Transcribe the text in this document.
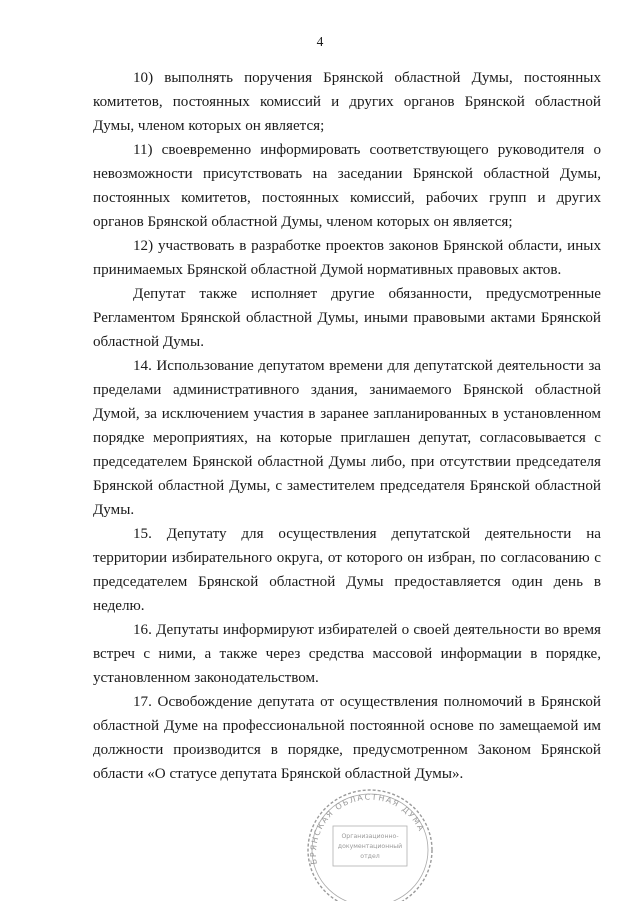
4

10) выполнять поручения Брянской областной Думы, постоянных комитетов, постоянных комиссий и других органов Брянской областной Думы, членом которых он является;

11) своевременно информировать соответствующего руководителя о невозможности присутствовать на заседании Брянской областной Думы, постоянных комитетов, постоянных комиссий, рабочих групп и других органов Брянской областной Думы, членом которых он является;

12) участвовать в разработке проектов законов Брянской области, иных принимаемых Брянской областной Думой нормативных правовых актов.

Депутат также исполняет другие обязанности, предусмотренные Регламентом Брянской областной Думы, иными правовыми актами Брянской областной Думы.

14. Использование депутатом времени для депутатской деятельности за пределами административного здания, занимаемого Брянской областной Думой, за исключением участия в заранее запланированных в установленном порядке мероприятиях, на которые приглашен депутат, согласовывается с председателем Брянской областной Думы либо, при отсутствии председателя Брянской областной Думы, с заместителем председателя Брянской областной Думы.

15. Депутату для осуществления депутатской деятельности на территории избирательного округа, от которого он избран, по согласованию с председателем Брянской областной Думы предоставляется один день в неделю.

16. Депутаты информируют избирателей о своей деятельности во время встреч с ними, а также через средства массовой информации в порядке, установленном законодательством.

17. Освобождение депутата от осуществления полномочий в Брянской областной Думе на профессиональной постоянной основе по замещаемой им должности производится в порядке, предусмотренном Законом Брянской области «О статусе депутата Брянской областной Думы».

БРЯНСКАЯ ОБЛАСТНАЯ ДУМА
Организационно-
документационный
отдел
